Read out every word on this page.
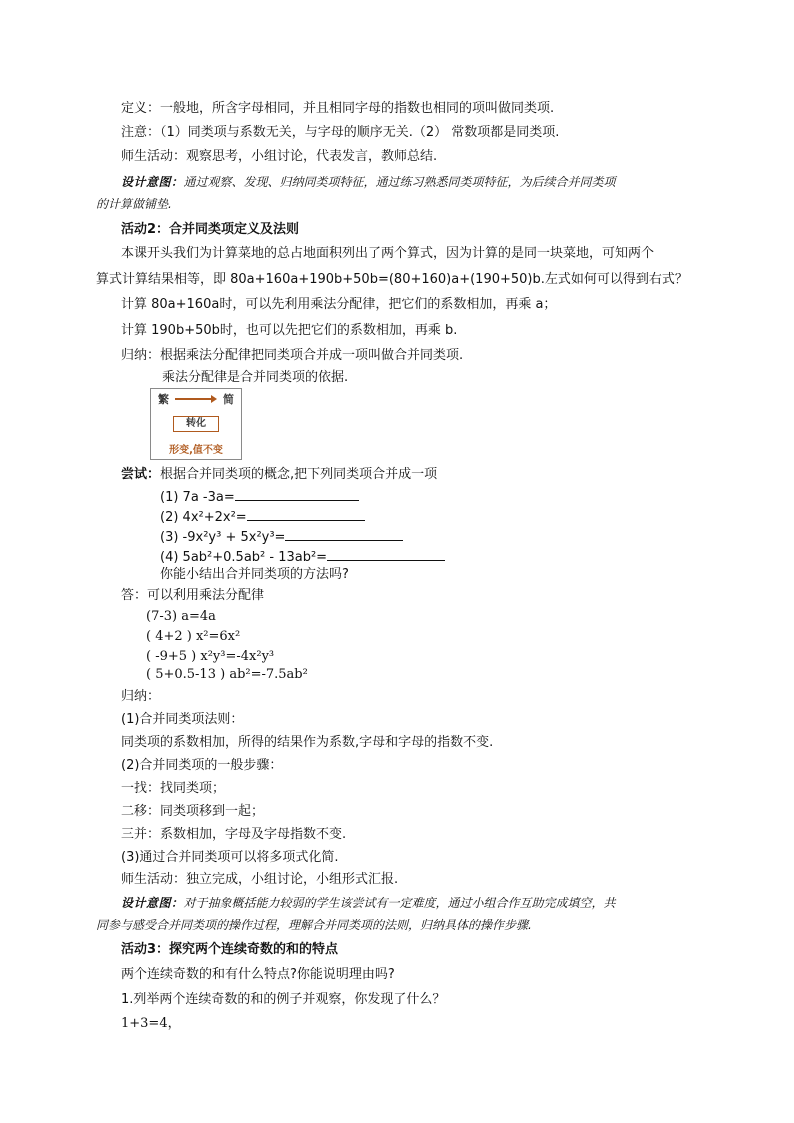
定义：一般地，所含字母相同，并且相同字母的指数也相同的项叫做同类项.
注意：（1）同类项与系数无关，与字母的顺序无关.（2） 常数项都是同类项.
师生活动：观察思考，小组讨论，代表发言，教师总结.
设计意图：通过观察、发现、归纳同类项特征，通过练习熟悉同类项特征，为后续合并同类项
的计算做铺垫.
活动2：合并同类项定义及法则
本课开头我们为计算菜地的总占地面积列出了两个算式，因为计算的是同一块菜地，可知两个
算式计算结果相等，即 80a+160a+190b+50b=(80+160)a+(190+50)b.左式如何可以得到右式？
计算 80a+160a时，可以先利用乘法分配律，把它们的系数相加，再乘 a；
计算 190b+50b时，也可以先把它们的系数相加，再乘 b.
归纳：根据乘法分配律把同类项合并成一项叫做合并同类项.
乘法分配律是合并同类项的依据.
繁	简
转化
形变,值不变
尝试：根据合并同类项的概念,把下列同类项合并成一项
(1) 7a -3a=
(2) 4x²+2x²=
(3) -9x²y³ + 5x²y³=
(4) 5ab²+0.5ab² - 13ab²=
你能小结出合并同类项的方法吗?
答：可以利用乘法分配律
(7-3) a=4a
( 4+2 ) x²=6x²
( -9+5 ) x²y³=-4x²y³
( 5+0.5-13 ) ab²=-7.5ab²
归纳：
(1)合并同类项法则：
同类项的系数相加，所得的结果作为系数,字母和字母的指数不变.
(2)合并同类项的一般步骤：
一找：找同类项；
二移：同类项移到一起；
三并：系数相加，字母及字母指数不变.
(3)通过合并同类项可以将多项式化简.
师生活动：独立完成，小组讨论，小组形式汇报.
设计意图：对于抽象概括能力较弱的学生该尝试有一定难度，通过小组合作互助完成填空，共
同参与感受合并同类项的操作过程，理解合并同类项的法则，归纳具体的操作步骤.
活动3：探究两个连续奇数的和的特点
两个连续奇数的和有什么特点?你能说明理由吗?
1.列举两个连续奇数的和的例子并观察，你发现了什么？
1+3=4，
